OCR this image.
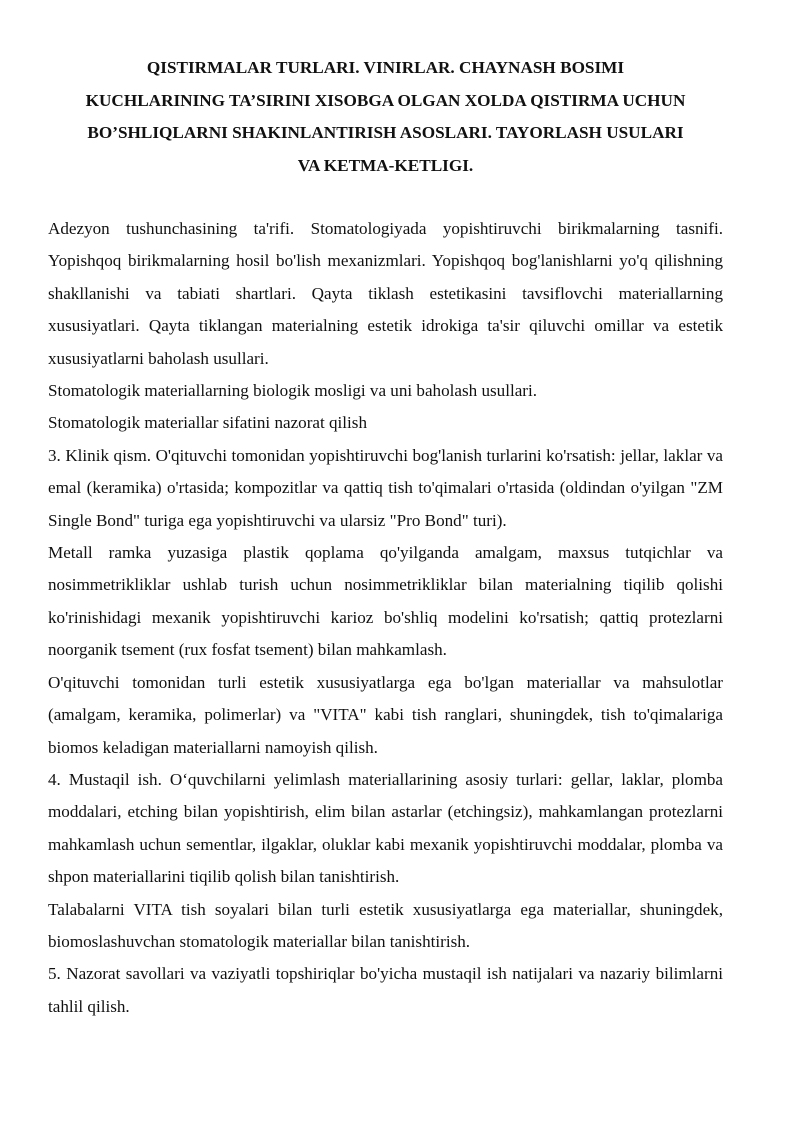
QISTIRMALAR TURLARI. VINIRLAR. CHAYNASH BOSIMI
KUCHLARINING TA’SIRINI XISOBGA OLGAN XOLDA QISTIRMA UCHUN
BO’SHLIQLARNI SHAKINLANTIRISH ASOSLARI. TAYORLASH USULARI
VA KETMA-KETLIGI.

Adezyon tushunchasining ta'rifi. Stomatologiyada yopishtiruvchi birikmalarning tasnifi. Yopishqoq birikmalarning hosil bo'lish mexanizmlari. Yopishqoq bog'lanishlarni yo'q qilishning shakllanishi va tabiati shartlari. Qayta tiklash estetikasini tavsiflovchi materiallarning xususiyatlari. Qayta tiklangan materialning estetik idrokiga ta'sir qiluvchi omillar va estetik xususiyatlarni baholash usullari.

Stomatologik materiallarning biologik mosligi va uni baholash usullari.

Stomatologik materiallar sifatini nazorat qilish

3. Klinik qism. O'qituvchi tomonidan yopishtiruvchi bog'lanish turlarini ko'rsatish: jellar, laklar va emal (keramika) o'rtasida; kompozitlar va qattiq tish to'qimalari o'rtasida (oldindan o'yilgan "ZM Single Bond" turiga ega yopishtiruvchi va ularsiz "Pro Bond" turi).

Metall ramka yuzasiga plastik qoplama qo'yilganda amalgam, maxsus tutqichlar va nosimmetrikliklar ushlab turish uchun nosimmetrikliklar bilan materialning tiqilib qolishi ko'rinishidagi mexanik yopishtiruvchi karioz bo'shliq modelini ko'rsatish; qattiq protezlarni noorganik tsement (rux fosfat tsement) bilan mahkamlash.

O'qituvchi tomonidan turli estetik xususiyatlarga ega bo'lgan materiallar va mahsulotlar (amalgam, keramika, polimerlar) va "VITA" kabi tish ranglari, shuningdek, tish to'qimalariga biomos keladigan materiallarni namoyish qilish.

4. Mustaqil ish. O‘quvchilarni yelimlash materiallarining asosiy turlari: gellar, laklar, plomba moddalari, etching bilan yopishtirish, elim bilan astarlar (etchingsiz), mahkamlangan protezlarni mahkamlash uchun sementlar, ilgaklar, oluklar kabi mexanik yopishtiruvchi moddalar, plomba va shpon materiallarini tiqilib qolish bilan tanishtirish.

Talabalarni VITA tish soyalari bilan turli estetik xususiyatlarga ega materiallar, shuningdek, biomoslashuvchan stomatologik materiallar bilan tanishtirish.

5. Nazorat savollari va vaziyatli topshiriqlar bo'yicha mustaqil ish natijalari va nazariy bilimlarni tahlil qilish.
